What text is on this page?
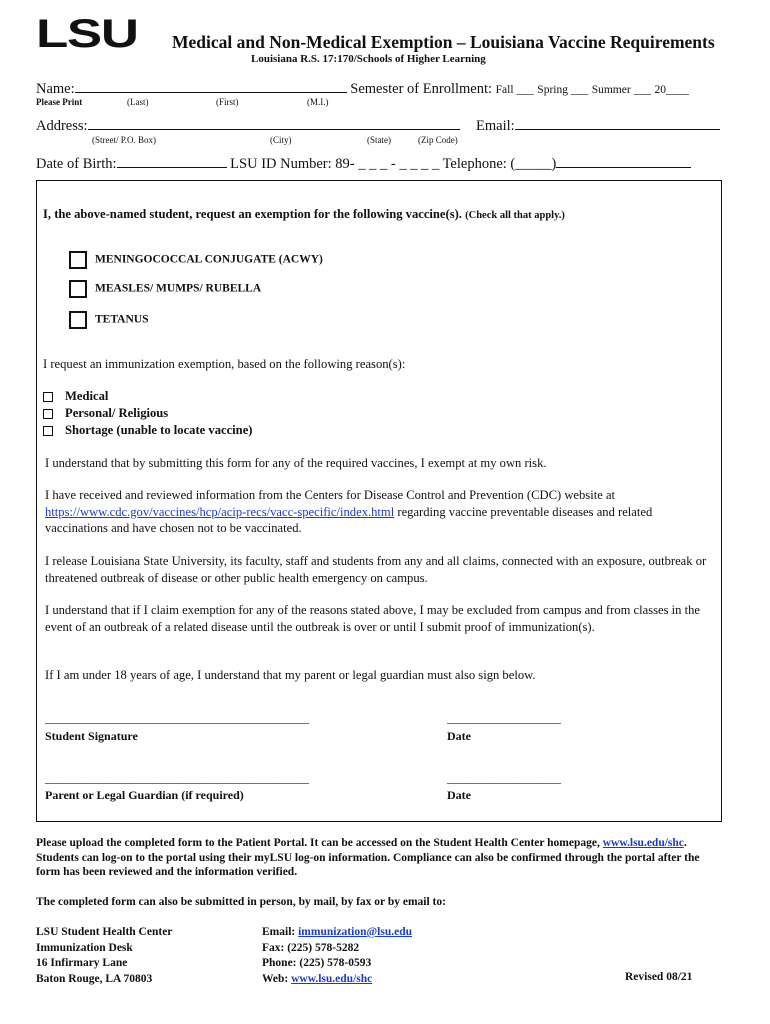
LSU Medical and Non-Medical Exemption – Louisiana Vaccine Requirements
Louisiana R.S. 17:170/Schools of Higher Learning
Name:	Semester of Enrollment: Fall ___ Spring ___ Summer ___ 20____
Please Print	(Last)	(First)	(M.I.)
Address:	Email:
(Street/ P.O. Box)	(City)	(State)	(Zip Code)
Date of Birth:	LSU ID Number: 89- _ _ _ - _ _ _ _ Telephone: (_____)
I, the above-named student, request an exemption for the following vaccine(s). (Check all that apply.)
MENINGOCOCCAL CONJUGATE (ACWY)
MEASLES/ MUMPS/ RUBELLA
TETANUS
I request an immunization exemption, based on the following reason(s):
Medical
Personal/ Religious
Shortage (unable to locate vaccine)
I understand that by submitting this form for any of the required vaccines, I exempt at my own risk.
I have received and reviewed information from the Centers for Disease Control and Prevention (CDC) website at https://www.cdc.gov/vaccines/hcp/acip-recs/vacc-specific/index.html regarding vaccine preventable diseases and related vaccinations and have chosen not to be vaccinated.
I release Louisiana State University, its faculty, staff and students from any and all claims, connected with an exposure, outbreak or threatened outbreak of disease or other public health emergency on campus.
I understand that if I claim exemption for any of the reasons stated above, I may be excluded from campus and from classes in the event of an outbreak of a related disease until the outbreak is over or until I submit proof of immunization(s).
If I am under 18 years of age, I understand that my parent or legal guardian must also sign below.
____________________________________________	___________________
Student Signature	Date
____________________________________________	___________________
Parent or Legal Guardian (if required)	Date
Please upload the completed form to the Patient Portal. It can be accessed on the Student Health Center homepage, www.lsu.edu/shc. Students can log-on to the portal using their myLSU log-on information. Compliance can also be confirmed through the portal after the form has been reviewed and the information verified.
The completed form can also be submitted in person, by mail, by fax or by email to:
LSU Student Health Center
Immunization Desk
16 Infirmary Lane
Baton Rouge, LA 70803
Email: immunization@lsu.edu
Fax: (225) 578-5282
Phone: (225) 578-0593
Web: www.lsu.edu/shc	Revised 08/21
